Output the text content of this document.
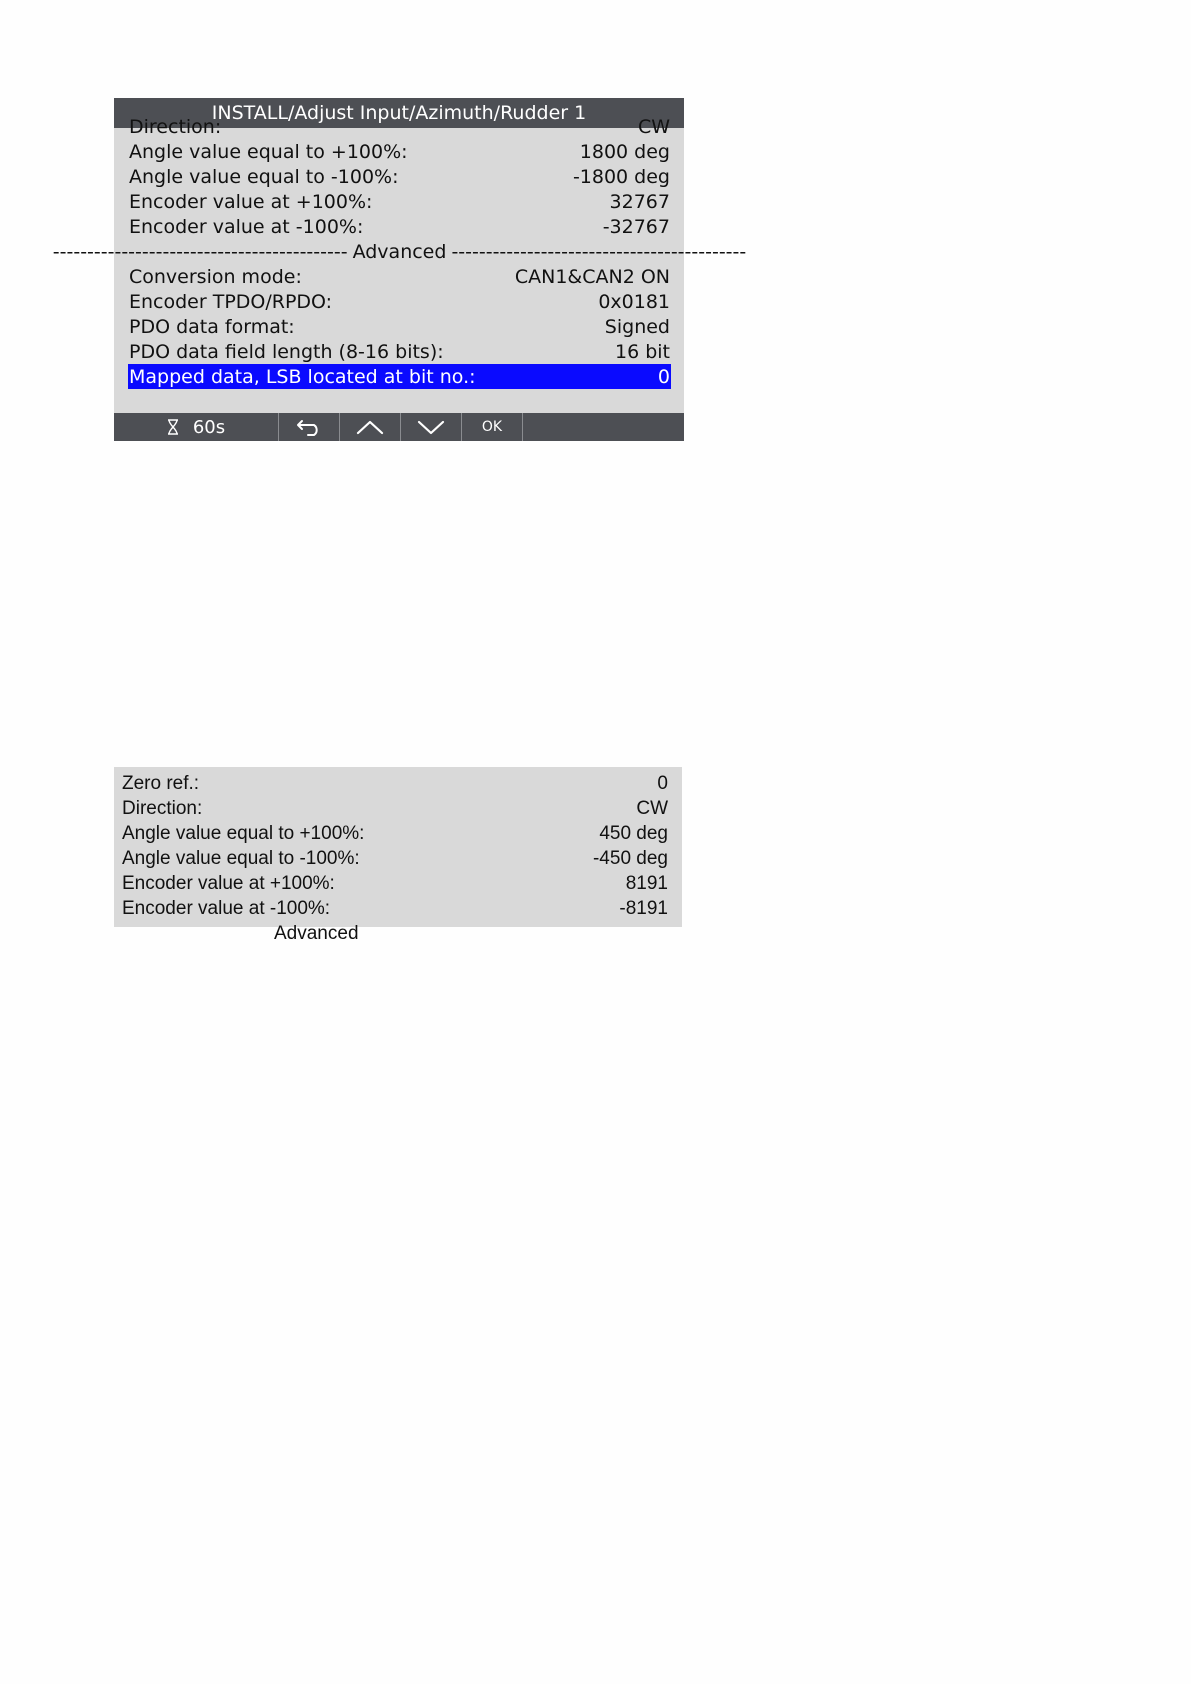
INSTALL/Adjust Input/Azimuth/Rudder 1
Direction:	CW
Angle value equal to +100%:	1800 deg
Angle value equal to -100%:	-1800 deg
Encoder value at +100%:	32767
Encoder value at -100%:	-32767
------------------------------------------- Advanced -------------------------------------------
Conversion mode:	CAN1&CAN2 ON
Encoder TPDO/RPDO:	0x0181
PDO data format:	Signed
PDO data field length (8-16 bits):	16 bit
Mapped data, LSB located at bit no.:	0
60s	OK
Zero ref.:	0
Direction:	CW
Angle value equal to +100%:	450 deg
Angle value equal to -100%:	-450 deg
Encoder value at +100%:	8191
Encoder value at -100%:	-8191
Advanced
